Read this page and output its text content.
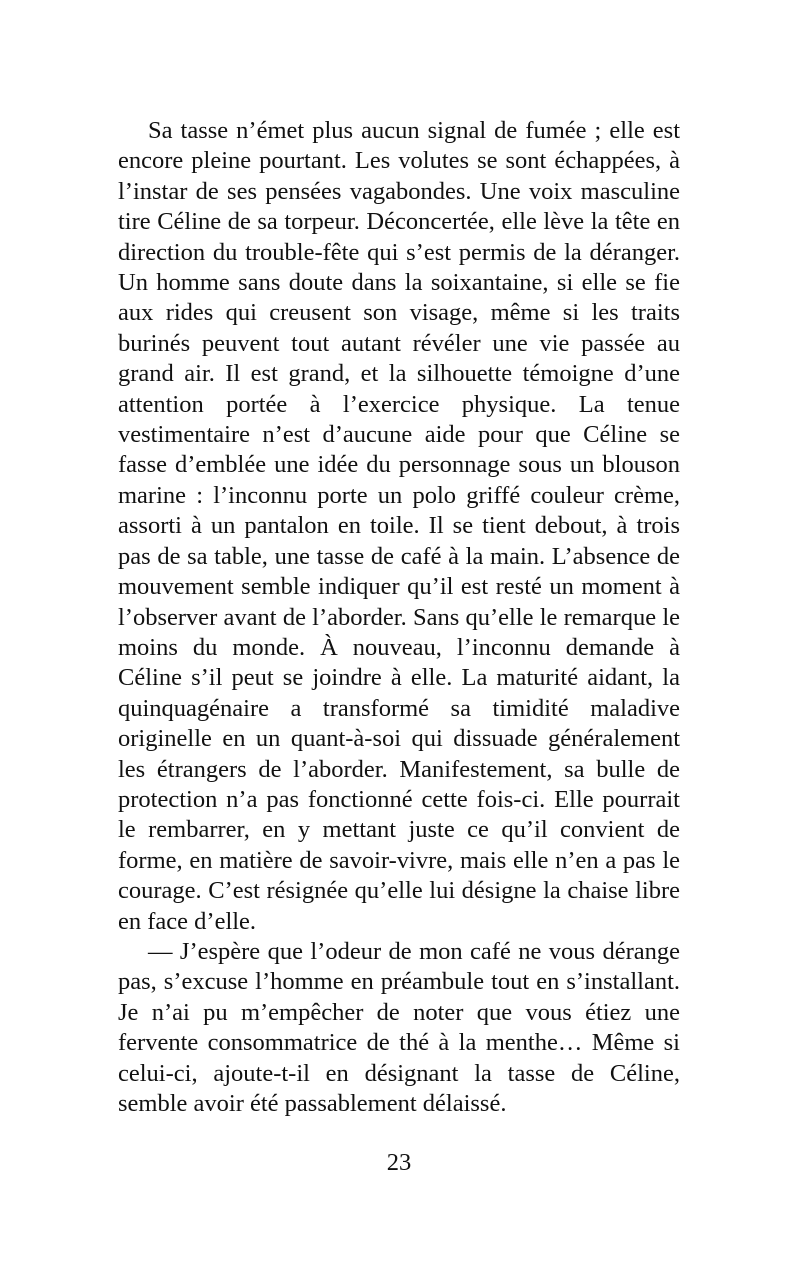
Sa tasse n’émet plus aucun signal de fumée ; elle est encore pleine pourtant. Les volutes se sont échappées, à l’instar de ses pensées vagabondes. Une voix masculine tire Céline de sa torpeur. Déconcertée, elle lève la tête en direction du trouble-fête qui s’est permis de la déranger. Un homme sans doute dans la soixantaine, si elle se fie aux rides qui creusent son visage, même si les traits burinés peuvent tout autant révéler une vie passée au grand air. Il est grand, et la silhouette témoigne d’une attention portée à l’exercice physique. La tenue vestimentaire n’est d’aucune aide pour que Céline se fasse d’emblée une idée du personnage sous un blouson marine : l’inconnu porte un polo griffé couleur crème, assorti à un pantalon en toile. Il se tient debout, à trois pas de sa table, une tasse de café à la main. L’absence de mouvement semble indiquer qu’il est resté un moment à l’observer avant de l’aborder. Sans qu’elle le remarque le moins du monde. À nouveau, l’inconnu demande à Céline s’il peut se joindre à elle. La maturité aidant, la quinquagénaire a transformé sa timidité maladive originelle en un quant-à-soi qui dissuade généralement les étrangers de l’aborder. Manifestement, sa bulle de protection n’a pas fonctionné cette fois-ci. Elle pourrait le rembarrer, en y mettant juste ce qu’il convient de forme, en matière de savoir-vivre, mais elle n’en a pas le courage. C’est résignée qu’elle lui désigne la chaise libre en face d’elle.

— J’espère que l’odeur de mon café ne vous dérange pas, s’excuse l’homme en préambule tout en s’installant. Je n’ai pu m’empêcher de noter que vous étiez une fervente consommatrice de thé à la menthe… Même si celui-ci, ajoute-t-il en désignant la tasse de Céline, semble avoir été passablement délaissé.

23
